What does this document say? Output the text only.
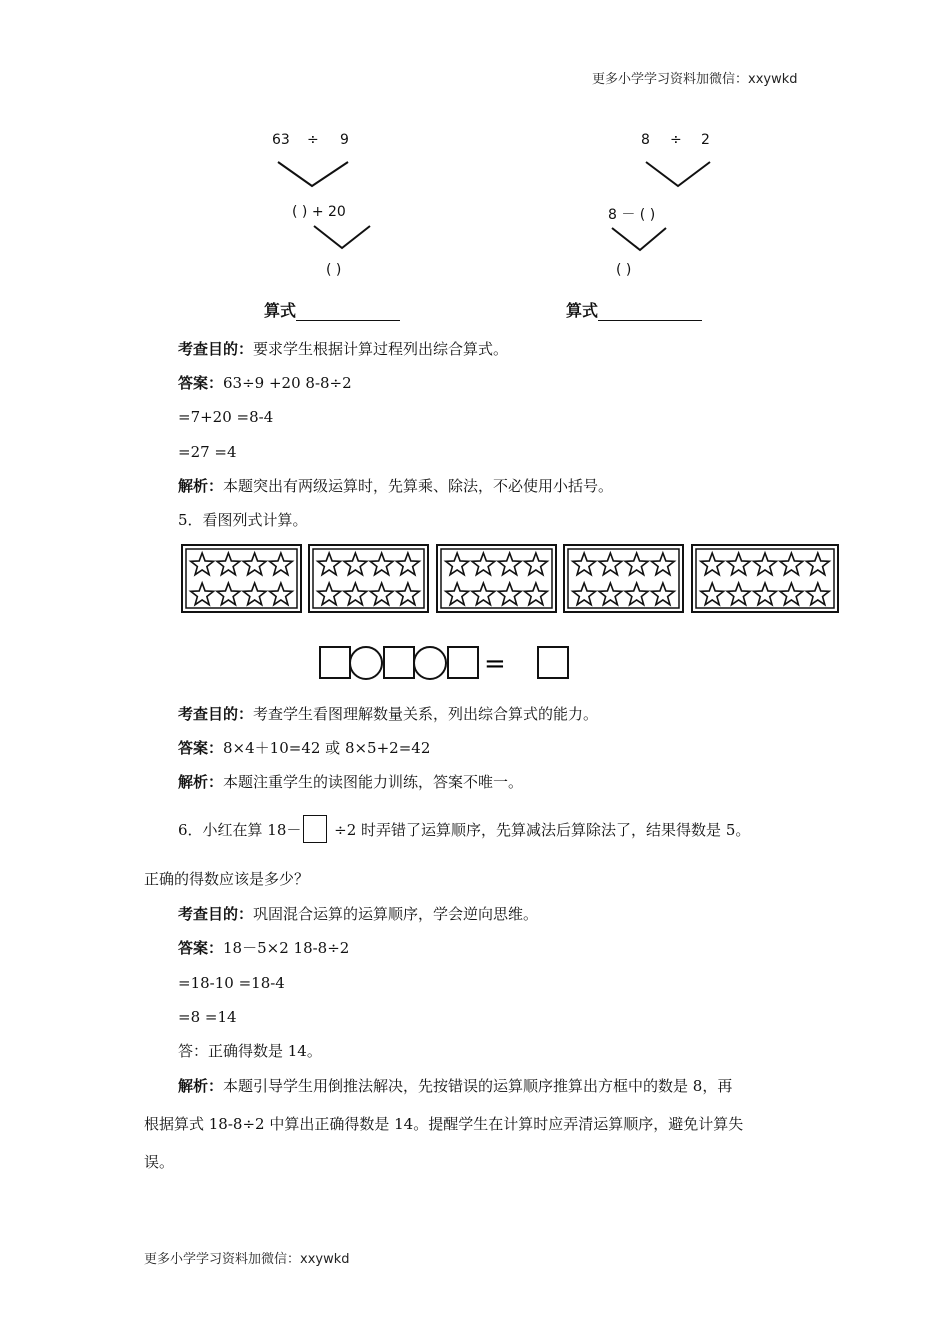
更多小学学习资料加微信：xxywkd
63 ÷ 9
( ) + 20
( )
算式
8 ÷ 2
8 － ( )
( )
算式
考查目的：要求学生根据计算过程列出综合算式。
答案：63÷9 +20 8-8÷2
=7+20 =8-4
=27 =4
解析：本题突出有两级运算时，先算乘、除法，不必使用小括号。
5．看图列式计算。
=
考查目的：考查学生看图理解数量关系，列出综合算式的能力。
答案：8×4＋10=42 或 8×5+2=42
解析：本题注重学生的读图能力训练，答案不唯一。
6．小红在算 18－ ÷2 时弄错了运算顺序，先算减法后算除法了，结果得数是 5。
正确的得数应该是多少？
考查目的：巩固混合运算的运算顺序，学会逆向思维。
答案：18－5×2 18-8÷2
=18-10 =18-4
=8 =14
答：正确得数是 14。
解析：本题引导学生用倒推法解决，先按错误的运算顺序推算出方框中的数是 8，再
根据算式 18-8÷2 中算出正确得数是 14。提醒学生在计算时应弄清运算顺序，避免计算失
误。
更多小学学习资料加微信：xxywkd
